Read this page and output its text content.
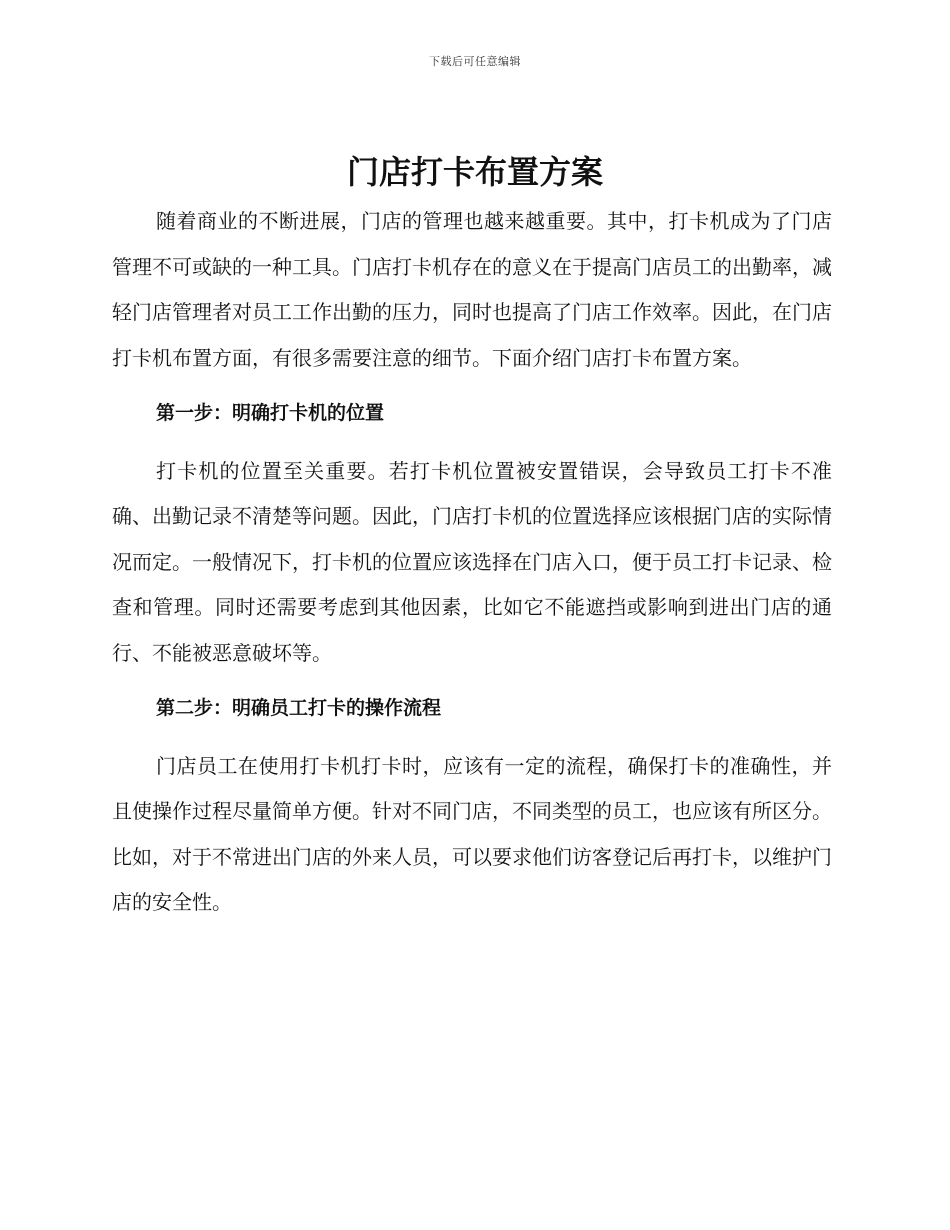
下载后可任意编辑
门店打卡布置方案

随着商业的不断进展，门店的管理也越来越重要。其中，打卡机成为了门店管理不可或缺的一种工具。门店打卡机存在的意义在于提高门店员工的出勤率，减轻门店管理者对员工工作出勤的压力，同时也提高了门店工作效率。因此，在门店打卡机布置方面，有很多需要注意的细节。下面介绍门店打卡布置方案。

第一步：明确打卡机的位置

打卡机的位置至关重要。若打卡机位置被安置错误，会导致员工打卡不准确、出勤记录不清楚等问题。因此，门店打卡机的位置选择应该根据门店的实际情况而定。一般情况下，打卡机的位置应该选择在门店入口，便于员工打卡记录、检查和管理。同时还需要考虑到其他因素，比如它不能遮挡或影响到进出门店的通行、不能被恶意破坏等。

第二步：明确员工打卡的操作流程

门店员工在使用打卡机打卡时，应该有一定的流程，确保打卡的准确性，并且使操作过程尽量简单方便。针对不同门店，不同类型的员工，也应该有所区分。比如，对于不常进出门店的外来人员，可以要求他们访客登记后再打卡，以维护门店的安全性。
